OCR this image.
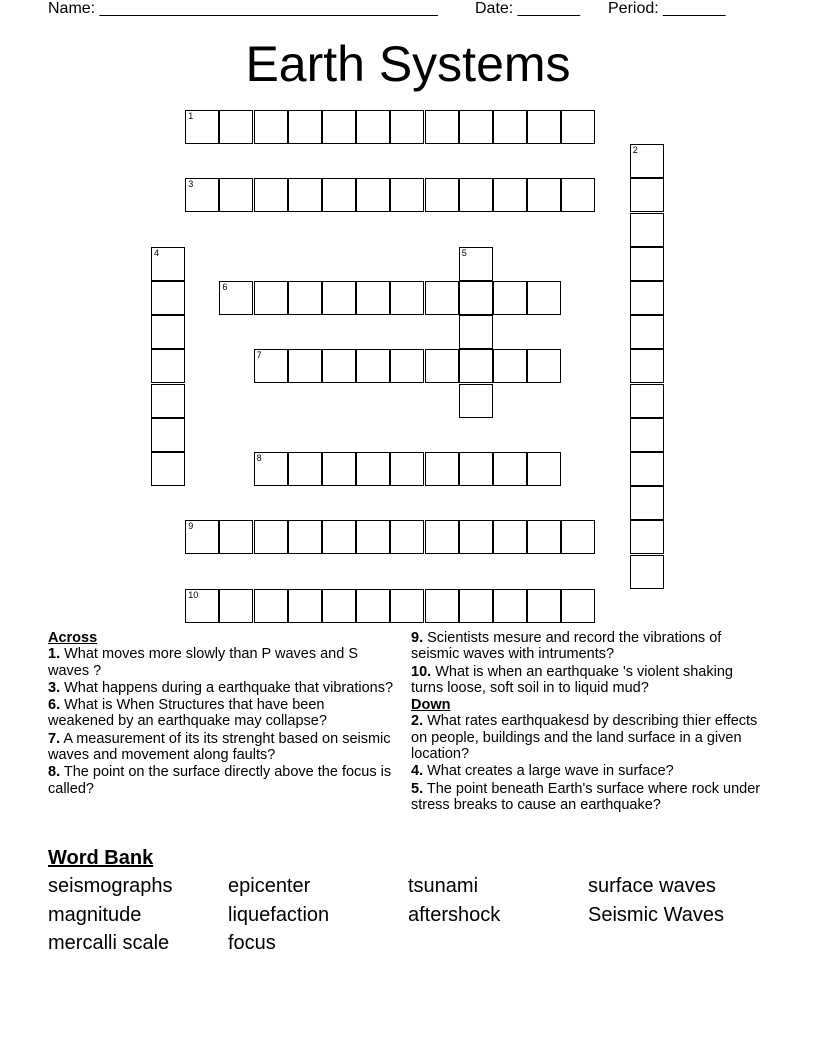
Name: ______________________________________ Date: _______ Period: _______
Earth Systems
1
2
3
4	5
6
7
8
9
10
Across
1. What moves more slowly than P waves and S waves ?
3. What happens during a earthquake that vibrations?
6. What is When Structures that have been weakened by an earthquake may collapse?
7. A measurement of its its strenght based on seismic waves and movement along faults?
8. The point on the surface directly above the focus is called?
9. Scientists mesure and record the vibrations of seismic waves with intruments?
10. What is when an earthquake 's violent shaking turns loose, soft soil in to liquid mud?
Down
2. What rates earthquakesd by describing thier effects on people, buildings and the land surface in a given location?
4. What creates a large wave in surface?
5. The point beneath Earth's surface where rock under stress breaks to cause an earthquake?
Word Bank
seismographs	epicenter	tsunami	surface waves
magnitude	liquefaction	aftershock	Seismic Waves
mercalli scale	focus
